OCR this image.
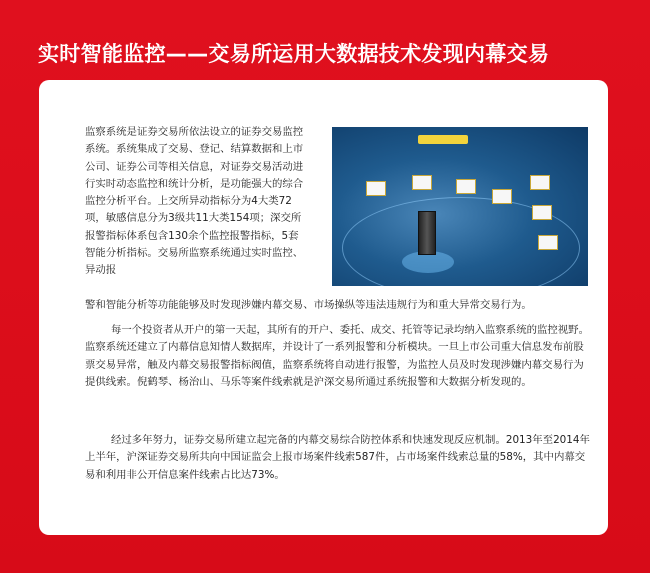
实时智能监控——交易所运用大数据技术发现内幕交易

监察系统是证券交易所依法设立的证券交易监控系统。系统集成了交易、登记、结算数据和上市公司、证券公司等相关信息，对证券交易活动进行实时动态监控和统计分析，是功能强大的综合监控分析平台。上交所异动指标分为4大类72项，敏感信息分为3级共11大类154项；深交所报警指标体系包含130余个监控报警指标，5套智能分析指标。交易所监察系统通过实时监控、异动报

警和智能分析等功能能够及时发现涉嫌内幕交易、市场操纵等违法违规行为和重大异常交易行为。

每一个投资者从开户的第一天起，其所有的开户、委托、成交、托管等记录均纳入监察系统的监控视野。监察系统还建立了内幕信息知情人数据库，并设计了一系列报警和分析模块。一旦上市公司重大信息发布前股票交易异常，触及内幕交易报警指标阀值，监察系统将自动进行报警，为监控人员及时发现涉嫌内幕交易行为提供线索。倪鹤琴、杨治山、马乐等案件线索就是沪深交易所通过系统报警和大数据分析发现的。

经过多年努力，证券交易所建立起完备的内幕交易综合防控体系和快速发现反应机制。2013年至2014年上半年，沪深证券交易所共向中国证监会上报市场案件线索587件，占市场案件线索总量的58%，其中内幕交易和利用非公开信息案件线索占比达73%。
